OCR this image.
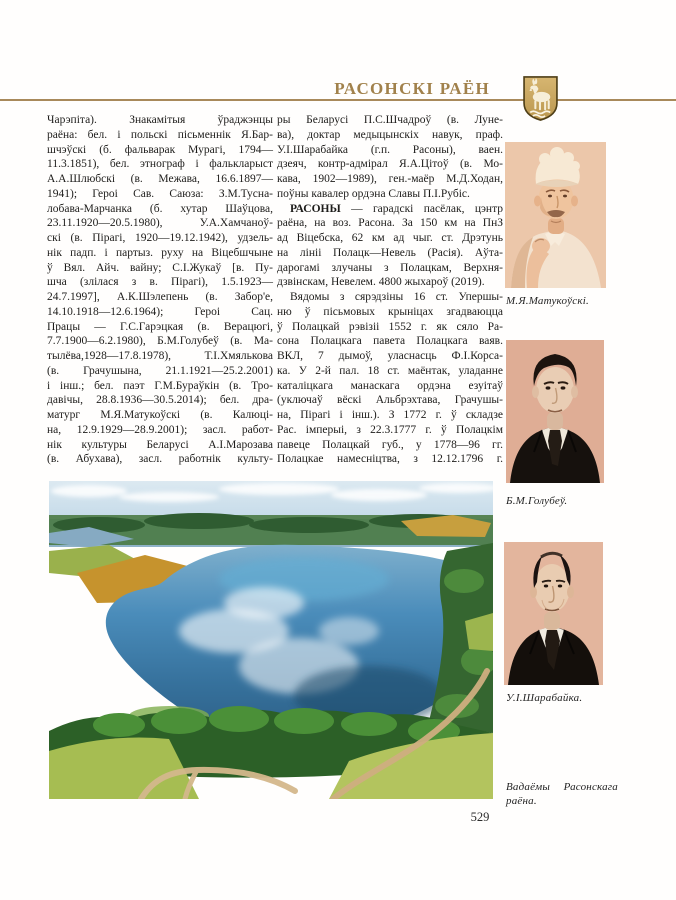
РАСОНСКІ РАЁН
Чарэпіта). Знакамітыя ўраджэнцы
раёна: бел. і польскі пісьменнік Я.Бар-
шчэўскі (б. фальварак Мурагі, 1794—
11.3.1851), бел. этнограф і фалькларыст
А.А.Шлюбскі (в. Межава, 16.6.1897—
1941); Героі Сав. Саюза: З.М.Тусна-
лобава-Марчанка (б. хутар Шаўцова,
23.11.1920—20.5.1980), У.А.Хамчаноў-
скі (в. Пірагі, 1920—19.12.1942), удзель-
нік падп. і партыз. руху на Віцебшчыне
ў Вял. Айч. вайну; С.І.Жукаў [в. Пу-
шча (злілася з в. Пірагі), 1.5.1923—
24.7.1997], А.К.Шэлепень (в. Забор'е,
14.10.1918—12.6.1964); Героі Сац.
Працы — Г.С.Гарэцкая (в. Верацюгі,
7.7.1900—6.2.1980), Б.М.Голубеў (в. Ма-
тылёва,1928—17.8.1978), Т.І.Хмялькова
(в. Грачушына, 21.1.1921—25.2.2001)
і інш.; бел. паэт Г.М.Бураўкін (в. Тро-
давічы, 28.8.1936—30.5.2014); бел. дра-
матург М.Я.Матукоўскі (в. Калюці-
на, 12.9.1929—28.9.2001); засл. работ-
нік культуры Беларусі А.І.Марозава
(в. Абухава), засл. работнік культу-
ры Беларусі П.С.Шчадроў (в. Луне-
ва), доктар медыцынскіх навук, праф.
У.І.Шарабайка (г.п. Расоны), ваен.
дзеяч, контр-адмірал Я.А.Цітоў (в. Мо-
кава, 1902—1989), ген.-маёр М.Д.Ходан,
поўны кавалер ордэна Славы П.І.Рубіс.
РАСОНЫ — гарадскі пасёлак, цэнтр
раёна, на воз. Расона. За 150 км на ПнЗ
ад Віцебска, 62 км ад чыг. ст. Дрэтунь
на лініі Полацк—Невель (Расія). Аўта-
дарогамі злучаны з Полацкам, Верхня-
дзвінскам, Невелем. 4800 жыхароў (2019).
Вядомы з сярэдзіны 16 ст. Упершы-
ню ў пісьмовых крыніцах згадваюцца
ў Полацкай рэвізіі 1552 г. як сяло Ра-
сона Полацкага павета Полацкага ваяв.
ВКЛ, 7 дымоў, уласнасць Ф.І.Корса-
ка. У 2-й пал. 18 ст. маёнтак, уладанне
каталіцкага манаскага ордэна езуітаў
(уключаў вёскі Альбрэхтава, Грачушы-
на, Пірагі і інш.). З 1772 г. ў складзе
Рас. імперыі, з 22.3.1777 г. ў Полацкім
павеце Полацкай губ., у 1778—96 гг.
Полацкае намесніцтва, з 12.12.1796 г.
М.Я.Матукоўскі.
Б.М.Голубеў.
У.І.Шарабайка.
Вадаёмы Расонскага раёна.
529
